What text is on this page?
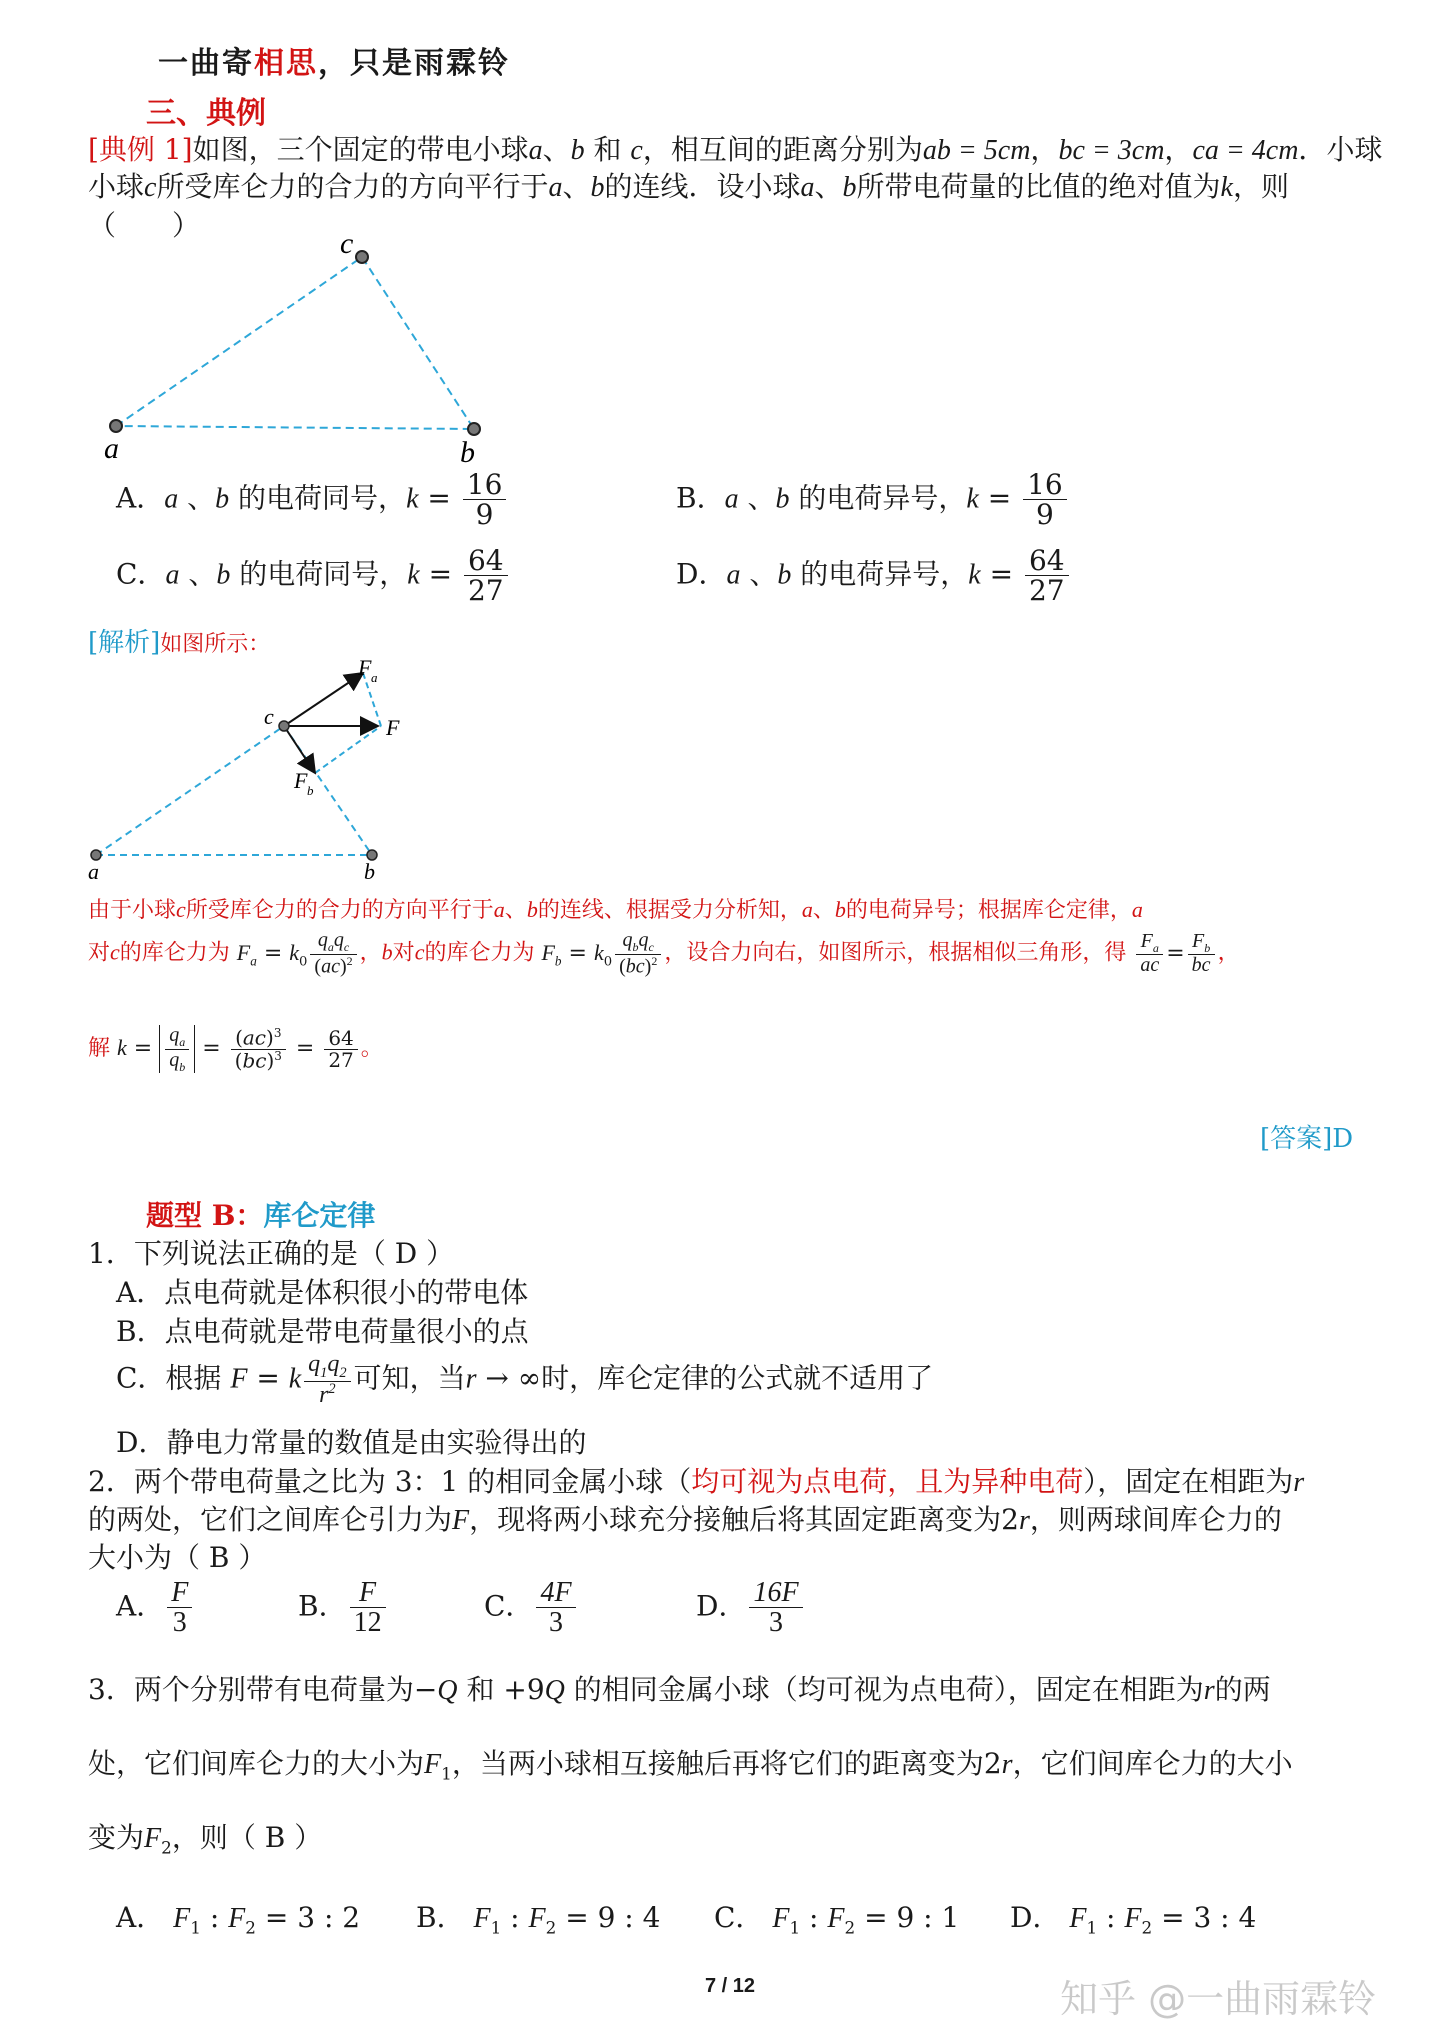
一曲寄相思，只是雨霖铃
三、典例
[典例 1]如图，三个固定的带电小球a、b 和 c，相互间的距离分别为ab = 5cm，bc = 3cm，ca = 4cm．小球
小球c所受库仑力的合力的方向平行于a、b的连线．设小球a、b所带电荷量的比值的绝对值为k，则
（　　）
a
c
b
A．a 、b 的电荷同号，$k = \frac{16}{9}$	B．a 、b 的电荷异号，$k = \frac{16}{9}$
C．a 、b 的电荷同号，$k = \frac{64}{27}$	D．a 、b 的电荷异号，$k = \frac{64}{27}$
[解析]如图所示：
a
c
b
F a
F
F b
由于小球c所受库仑力的合力的方向平行于a、b的连线、根据受力分析知，a、b的电荷异号；根据库仑定律，a
对c的库仑力为 $F_a = k_0 \frac{q_aq_c}{(ac)^2}$ ，b对c的库仑力为 $F_b = k_0 \frac{q_bq_c}{(bc)^2}$ ，设合力向右，如图所示，根据相似三角形，得 $\frac{F_a}{ac} = \frac{F_b}{bc}$ ，
解 $k = \frac{q_a}{q_b} = \frac{(ac)^3}{(bc)^3} = \frac{64}{27}$ 。
[答案]D
题型 B：库仑定律
1．下列说法正确的是（ D ）
A．点电荷就是体积很小的带电体
B．点电荷就是带电荷量很小的点
C．根据 F = k $\frac{q_1q_2}{r^2}$ 可知，当r → ∞时，库仑定律的公式就不适用了
D．静电力常量的数值是由实验得出的
2．两个带电荷量之比为 3：1 的相同金属小球（均可视为点电荷，且为异种电荷），固定在相距为r
的两处，它们之间库仑引力为F，现将两小球充分接触后将其固定距离变为2r，则两球间库仑力的
大小为（ B ）
A． $\frac{F}{3}$	B． $\frac{F}{12}$	C． $\frac{4F}{3}$	D． $\frac{16F}{3}$
3．两个分别带有电荷量为−Q 和 +9Q 的相同金属小球（均可视为点电荷），固定在相距为r的两
处，它们间库仑力的大小为$F_1$，当两小球相互接触后再将它们的距离变为2r，它们间库仑力的大小
变为$F_2$，则（ B ）
A． $F_1$ : $F_2 = 3$ : 2 B． $F_1$ : $F_2 = 9$ : 4 C． $F_1$ : $F_2 = 9$ : 1 D． $F_1$ : $F_2 = 3$ : 4
7 / 12	知乎 @一曲雨霖铃
